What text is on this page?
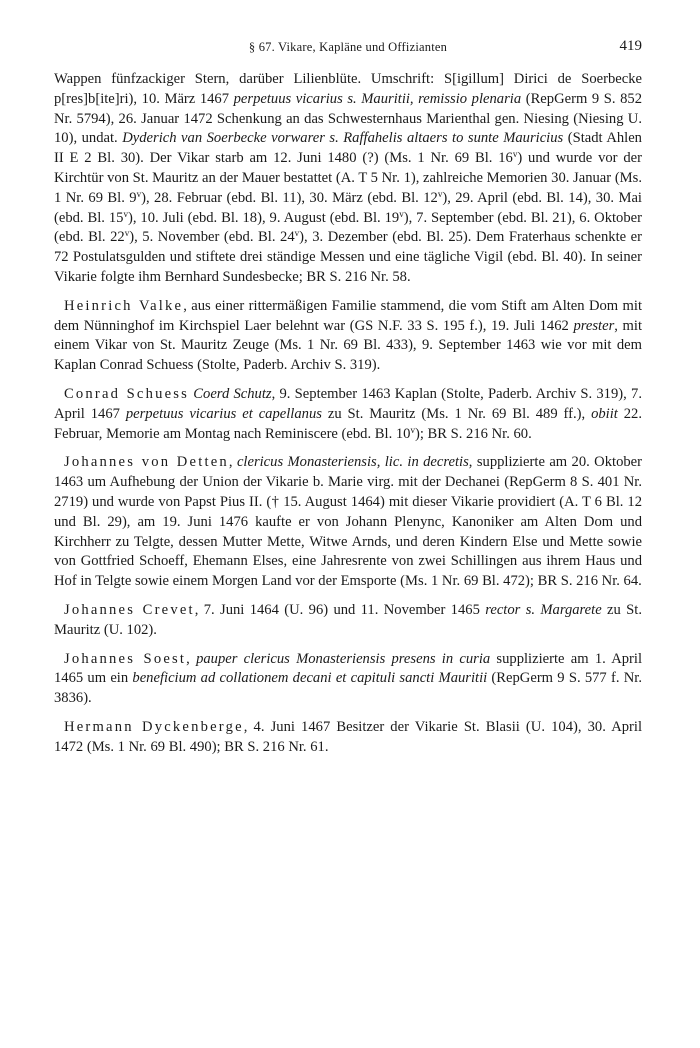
§ 67. Vikare, Kapläne und Offizianten	419

Wappen fünfzackiger Stern, darüber Lilienblüte. Umschrift: S[igillum] Dirici de Soerbecke p[res]b[ite]ri), 10. März 1467 perpetuus vicarius s. Mauritii, remissio plenaria (RepGerm 9 S. 852 Nr. 5794), 26. Januar 1472 Schenkung an das Schwesternhaus Marienthal gen. Niesing (Niesing U. 10), undat. Dyderich van Soerbecke vorwarer s. Raffahelis altaers to sunte Mauricius (Stadt Ahlen II E 2 Bl. 30). Der Vikar starb am 12. Juni 1480 (?) (Ms. 1 Nr. 69 Bl. 16$^v$) und wurde vor der Kirchtür von St. Mauritz an der Mauer bestattet (A. T 5 Nr. 1), zahlreiche Memorien 30. Januar (Ms. 1 Nr. 69 Bl. 9$^v$), 28. Februar (ebd. Bl. 11), 30. März (ebd. Bl. 12$^v$), 29. April (ebd. Bl. 14), 30. Mai (ebd. Bl. 15$^v$), 10. Juli (ebd. Bl. 18), 9. August (ebd. Bl. 19$^v$), 7. September (ebd. Bl. 21), 6. Oktober (ebd. Bl. 22$^v$), 5. November (ebd. Bl. 24$^v$), 3. Dezember (ebd. Bl. 25). Dem Fraterhaus schenkte er 72 Postulatsgulden und stiftete drei ständige Messen und eine tägliche Vigil (ebd. Bl. 40). In seiner Vikarie folgte ihm Bernhard Sundesbecke; BR S. 216 Nr. 58.

Heinrich Valke, aus einer rittermäßigen Familie stammend, die vom Stift am Alten Dom mit dem Nünninghof im Kirchspiel Laer belehnt war (GS N.F. 33 S. 195 f.), 19. Juli 1462 prester, mit einem Vikar von St. Mauritz Zeuge (Ms. 1 Nr. 69 Bl. 433), 9. September 1463 wie vor mit dem Kaplan Conrad Schuess (Stolte, Paderb. Archiv S. 319).

Conrad Schuess Coerd Schutz, 9. September 1463 Kaplan (Stolte, Paderb. Archiv S. 319), 7. April 1467 perpetuus vicarius et capellanus zu St. Mauritz (Ms. 1 Nr. 69 Bl. 489 ff.), obiit 22. Februar, Memorie am Montag nach Reminiscere (ebd. Bl. 10$^v$); BR S. 216 Nr. 60.

Johannes von Detten, clericus Monasteriensis, lic. in decretis, supplizierte am 20. Oktober 1463 um Aufhebung der Union der Vikarie b. Marie virg. mit der Dechanei (RepGerm 8 S. 401 Nr. 2719) und wurde von Papst Pius II. († 15. August 1464) mit dieser Vikarie providiert (A. T 6 Bl. 12 und Bl. 29), am 19. Juni 1476 kaufte er von Johann Plenync, Kanoniker am Alten Dom und Kirchherr zu Telgte, dessen Mutter Mette, Witwe Arnds, und deren Kindern Else und Mette sowie von Gottfried Schoeff, Ehemann Elses, eine Jahresrente von zwei Schillingen aus ihrem Haus und Hof in Telgte sowie einem Morgen Land vor der Emsporte (Ms. 1 Nr. 69 Bl. 472); BR S. 216 Nr. 64.

Johannes Crevet, 7. Juni 1464 (U. 96) und 11. November 1465 rector s. Margarete zu St. Mauritz (U. 102).

Johannes Soest, pauper clericus Monasteriensis presens in curia supplizierte am 1. April 1465 um ein beneficium ad collationem decani et capituli sancti Mauritii (RepGerm 9 S. 577 f. Nr. 3836).

Hermann Dyckenberge, 4. Juni 1467 Besitzer der Vikarie St. Blasii (U. 104), 30. April 1472 (Ms. 1 Nr. 69 Bl. 490); BR S. 216 Nr. 61.
